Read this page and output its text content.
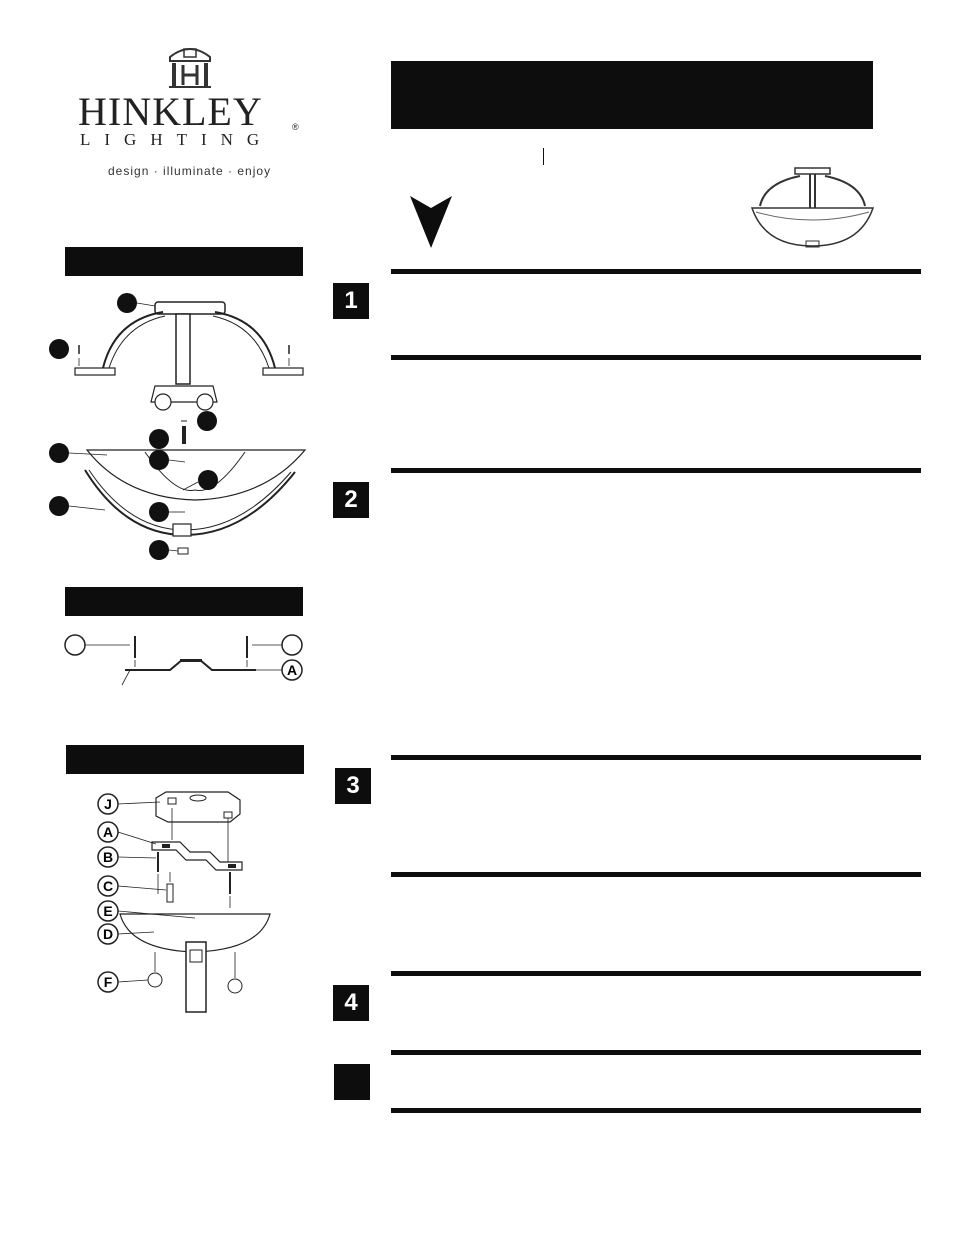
HINKLEY	®
LIGHTING
design · illuminate · enjoy
1
2
3
4
A
J
A
B
C
E
D
F
